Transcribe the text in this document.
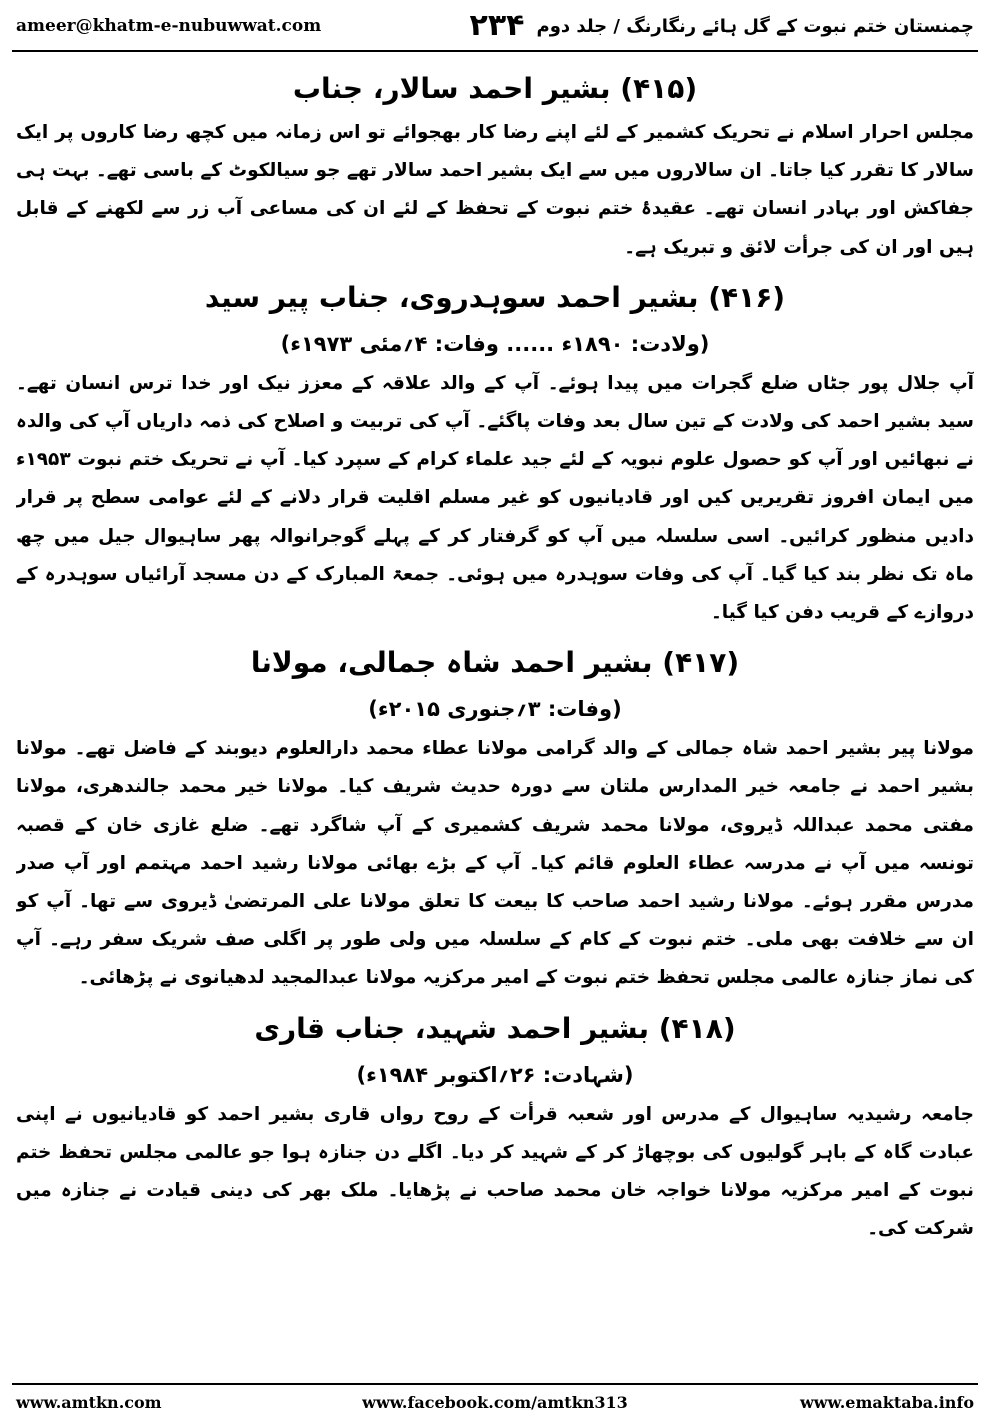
ameer@khatm-e-nubuwwat.com	۲۳۴ چمنستان ختم نبوت کے گل ہائے رنگارنگ / جلد دوم
(۴۱۵) بشیر احمد سالار، جناب

مجلس احرار اسلام نے تحریک کشمیر کے لئے اپنے رضا کار بھجوائے تو اس زمانہ میں کچھ رضا کاروں پر ایک سالار کا تقرر کیا جاتا۔ ان سالاروں میں سے ایک بشیر احمد سالار تھے جو سیالکوٹ کے باسی تھے۔ بہت ہی جفاکش اور بہادر انسان تھے۔ عقیدۂ ختم نبوت کے تحفظ کے لئے ان کی مساعی آب زر سے لکھنے کے قابل ہیں اور ان کی جرأت لائق و تبریک ہے۔

(۴۱۶) بشیر احمد سوہدروی، جناب پیر سید
(ولادت: ۱۸۹۰ء ...... وفات: ۴؍مئی ۱۹۷۳ء)

آپ جلال پور جٹاں ضلع گجرات میں پیدا ہوئے۔ آپ کے والد علاقہ کے معزز نیک اور خدا ترس انسان تھے۔ سید بشیر احمد کی ولادت کے تین سال بعد وفات پاگئے۔ آپ کی تربیت و اصلاح کی ذمہ داریاں آپ کی والدہ نے نبھائیں اور آپ کو حصول علوم نبویہ کے لئے جید علماء کرام کے سپرد کیا۔ آپ نے تحریک ختم نبوت ۱۹۵۳ء میں ایمان افروز تقریریں کیں اور قادیانیوں کو غیر مسلم اقلیت قرار دلانے کے لئے عوامی سطح پر قرار دادیں منظور کرائیں۔ اسی سلسلہ میں آپ کو گرفتار کر کے پہلے گوجرانوالہ پھر ساہیوال جیل میں چھ ماہ تک نظر بند کیا گیا۔ آپ کی وفات سوہدرہ میں ہوئی۔ جمعۃ المبارک کے دن مسجد آرائیاں سوہدرہ کے دروازے کے قریب دفن کیا گیا۔

(۴۱۷) بشیر احمد شاہ جمالی، مولانا
(وفات: ۳؍جنوری ۲۰۱۵ء)

مولانا پیر بشیر احمد شاہ جمالی کے والد گرامی مولانا عطاء محمد دارالعلوم دیوبند کے فاضل تھے۔ مولانا بشیر احمد نے جامعہ خیر المدارس ملتان سے دورہ حدیث شریف کیا۔ مولانا خیر محمد جالندھری، مولانا مفتی محمد عبداللہ ڈیروی، مولانا محمد شریف کشمیری کے آپ شاگرد تھے۔ ضلع غازی خان کے قصبہ تونسہ میں آپ نے مدرسہ عطاء العلوم قائم کیا۔ آپ کے بڑے بھائی مولانا رشید احمد مہتمم اور آپ صدر مدرس مقرر ہوئے۔ مولانا رشید احمد صاحب کا بیعت کا تعلق مولانا علی المرتضیٰ ڈیروی سے تھا۔ آپ کو ان سے خلافت بھی ملی۔ ختم نبوت کے کام کے سلسلہ میں ولی طور پر اگلی صف شریک سفر رہے۔ آپ کی نماز جنازہ عالمی مجلس تحفظ ختم نبوت کے امیر مرکزیہ مولانا عبدالمجید لدھیانوی نے پڑھائی۔

(۴۱۸) بشیر احمد شہید، جناب قاری
(شہادت: ۲۶؍اکتوبر ۱۹۸۴ء)

جامعہ رشیدیہ ساہیوال کے مدرس اور شعبہ قرأت کے روح رواں قاری بشیر احمد کو قادیانیوں نے اپنی عبادت گاہ کے باہر گولیوں کی بوچھاڑ کر کے شہید کر دیا۔ اگلے دن جنازہ ہوا جو عالمی مجلس تحفظ ختم نبوت کے امیر مرکزیہ مولانا خواجہ خان محمد صاحب نے پڑھایا۔ ملک بھر کی دینی قیادت نے جنازہ میں شرکت کی۔

www.amtkn.com	www.facebook.com/amtkn313	www.emaktaba.info
